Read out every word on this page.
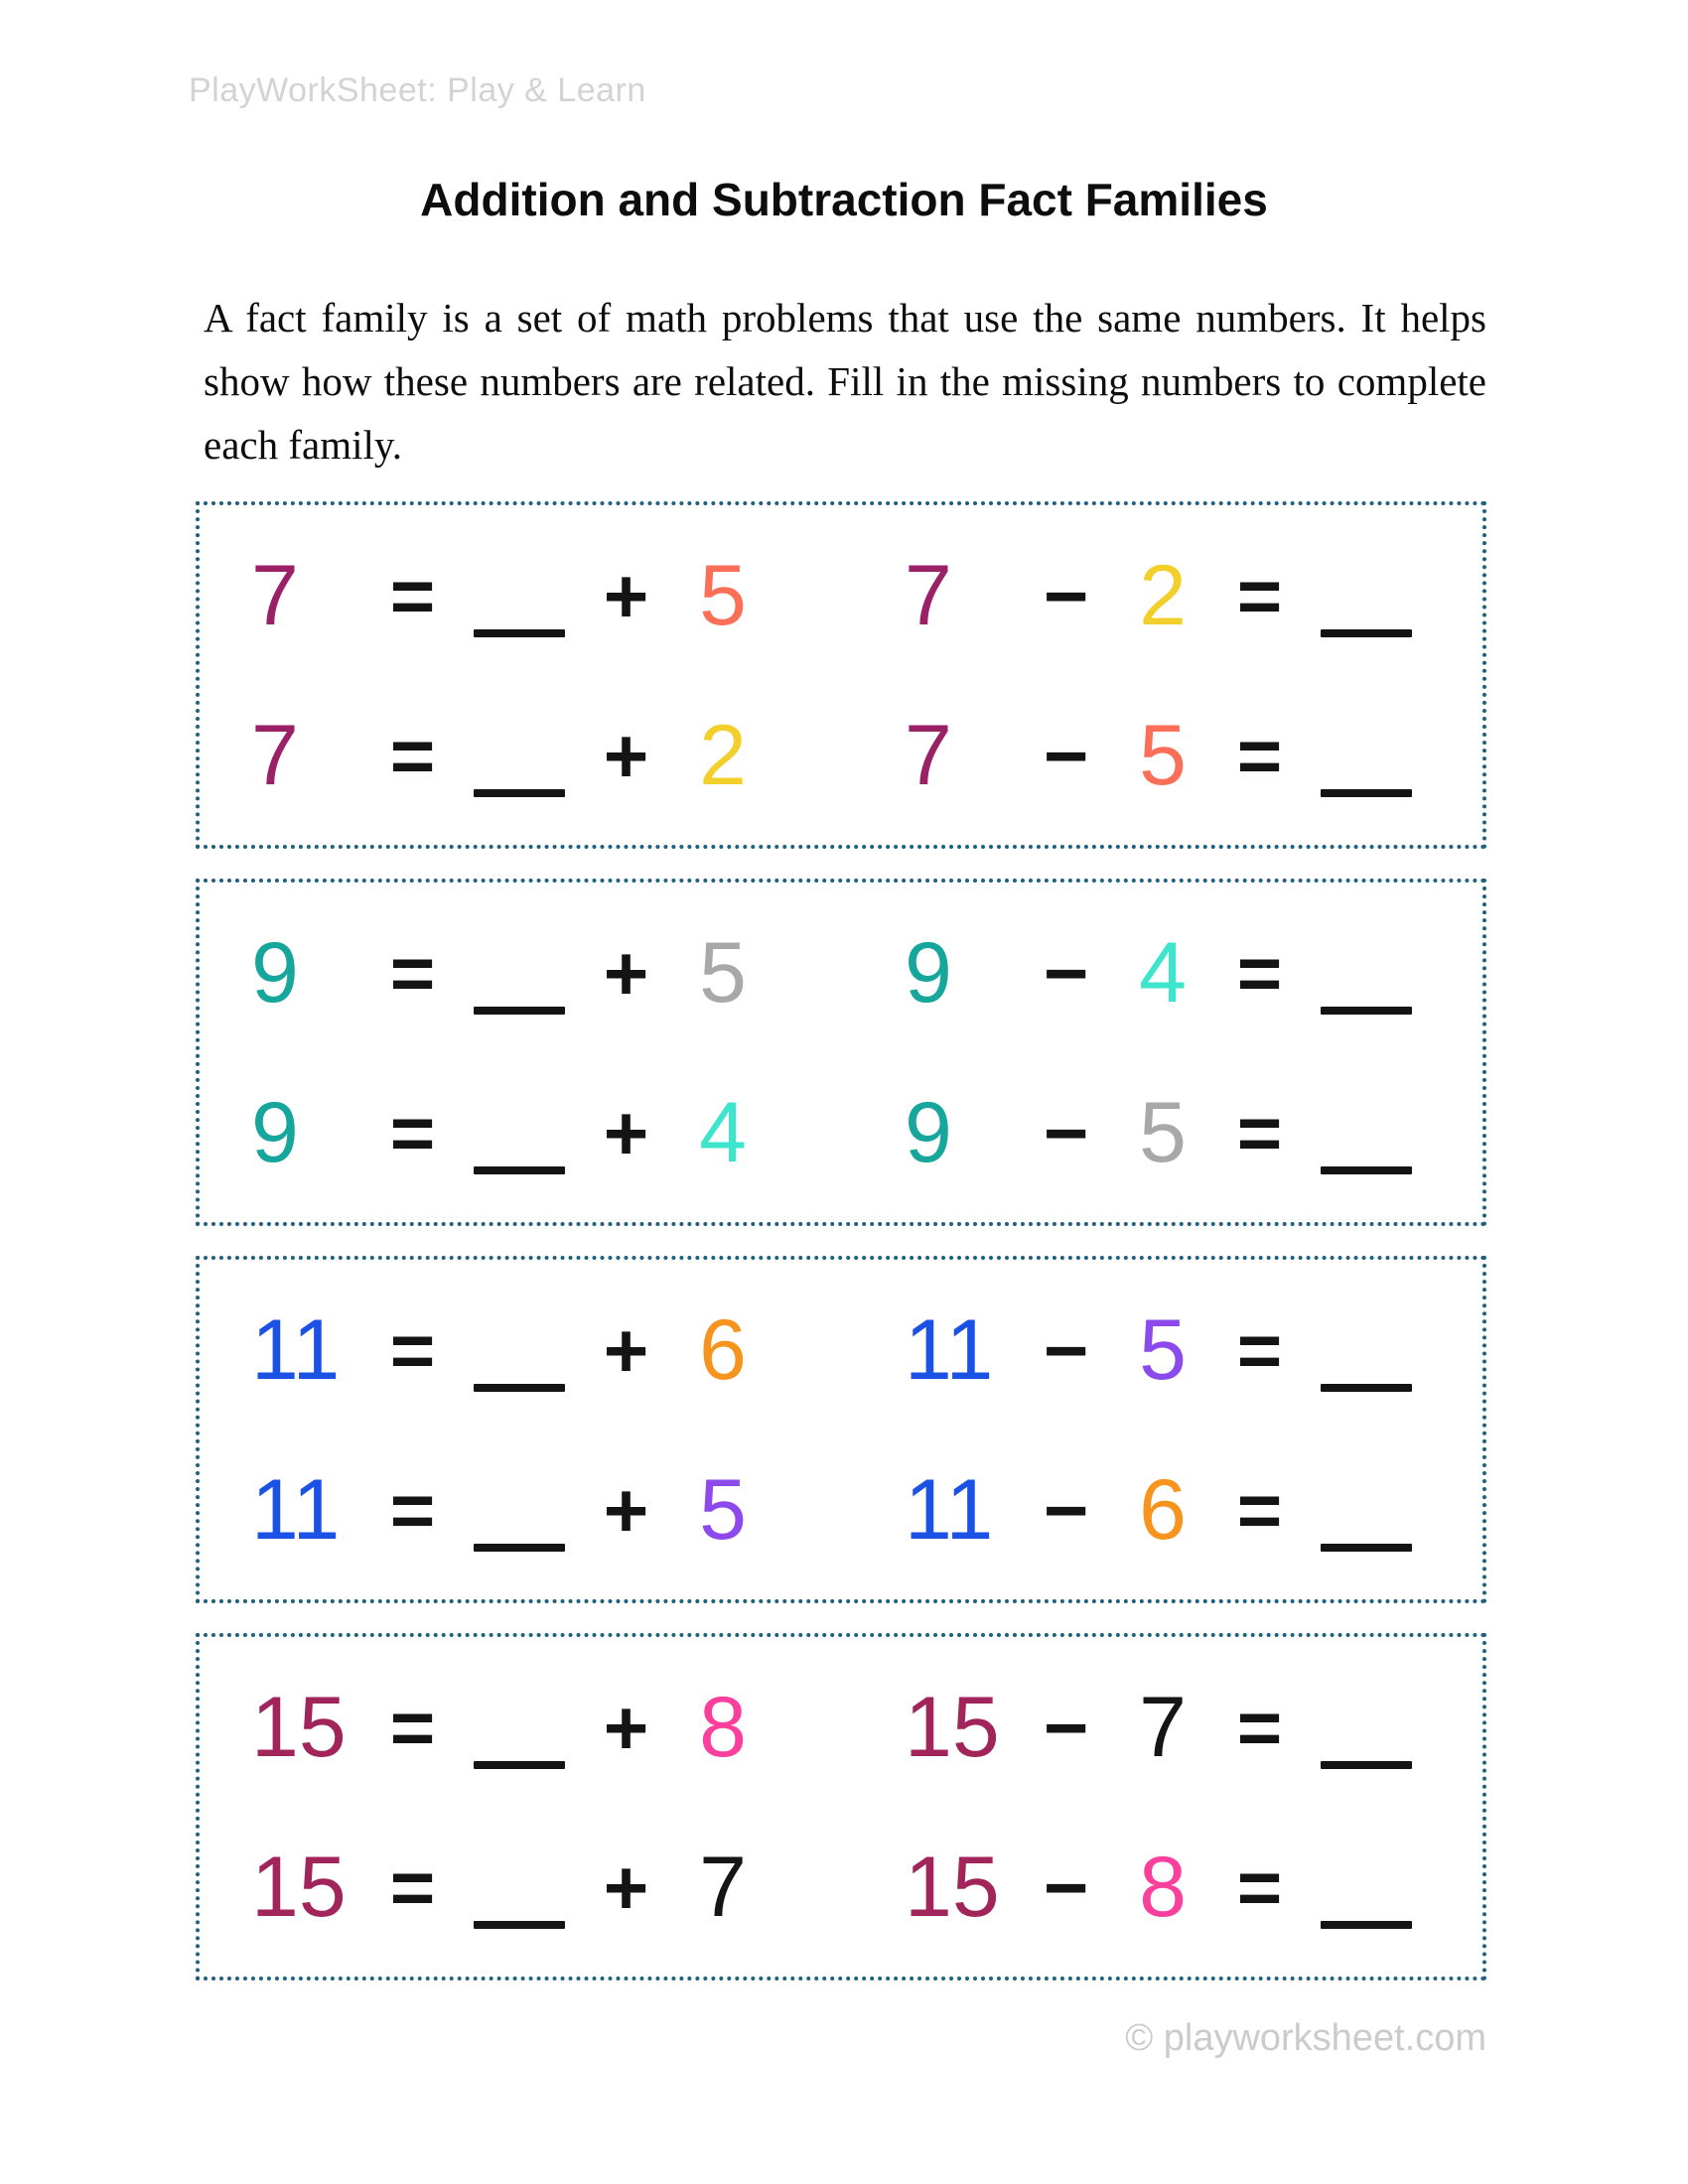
PlayWorkSheet: Play & Learn
Addition and Subtraction Fact Families

A fact family is a set of math problems that use the same numbers. It helps show how these numbers are related. Fill in the missing numbers to complete each family.

7	= + 5	7	− 2 =
7	= + 2	7	− 5 =
9	= + 5	9	− 4 =
9	= + 4	9	− 5 =
11 = + 6	11 − 5 =
11 = + 5	11 − 6 =
15 = + 8	15 − 7 =
15 = + 7	15 − 8 =
© playworksheet.com
